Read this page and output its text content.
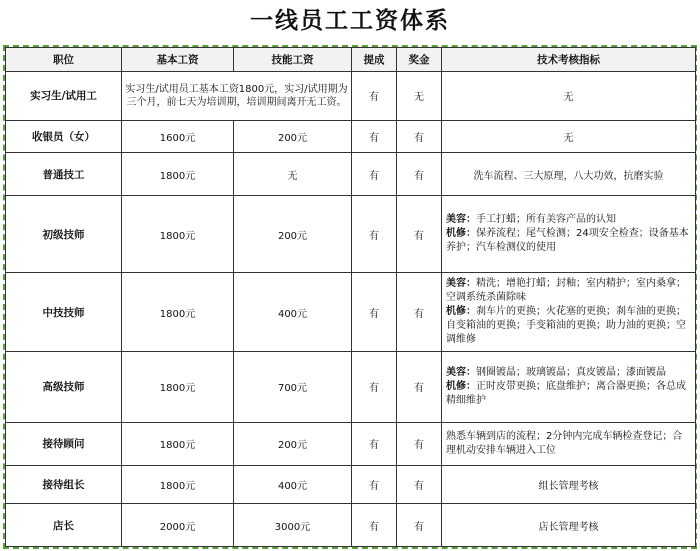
一线员工工资体系
职位	基本工资	技能工资	提成	奖金	技术考核指标
实习生/试用工	实习生/试用员工基本工资1800元，实习/试用期为三个月，前七天为培训期，培训期间离开无工资。		有	无	无

收银员（女）	1600元	200元	有	有	无

普通技工	1800元	无	有	有	洗车流程、三大原理，八大功效，抗磨实验

初级技师	1800元	200元	有	有	美容：手工打蜡；所有美容产品的认知
机修：保养流程；尾气检测；24项安全检查；设备基本养护；汽车检测仪的使用

中技技师	1800元	400元	有	有	美容：精洗；增艳打蜡；封釉；室内精护；室内桑拿；空调系统杀菌除味
机修：刹车片的更换；火花塞的更换；刹车油的更换；自变箱油的更换；手变箱油的更换；助力油的更换；空调维修

高级技师	1800元	700元	有	有	美容：钢圈镀晶；玻璃镀晶；真皮镀晶；漆面镀晶
机修：正时皮带更换；底盘维护；离合器更换；各总成精细维护

接待顾问	1800元	200元	有	有	熟悉车辆到店的流程；2分钟内完成车辆检查登记；合理机动安排车辆进入工位

接待组长	1800元	400元	有	有	组长管理考核

店长	2000元	3000元	有	有	店长管理考核
